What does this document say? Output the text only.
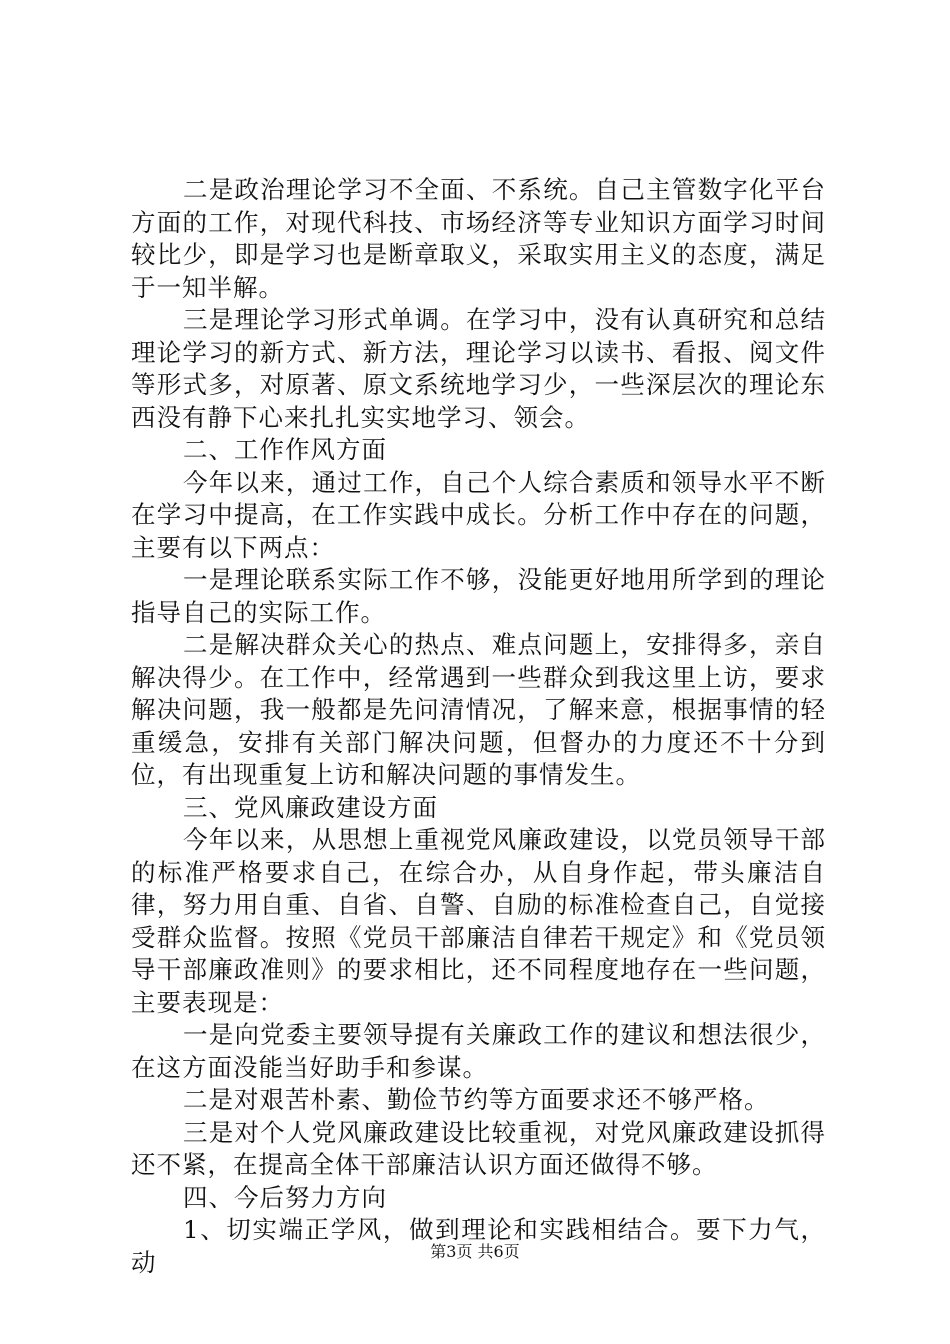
二是政治理论学习不全面、不系统。自己主管数字化平台方面的工作，对现代科技、市场经济等专业知识方面学习时间较比少，即是学习也是断章取义，采取实用主义的态度，满足于一知半解。

三是理论学习形式单调。在学习中，没有认真研究和总结理论学习的新方式、新方法，理论学习以读书、看报、阅文件等形式多，对原著、原文系统地学习少，一些深层次的理论东西没有静下心来扎扎实实地学习、领会。

二、工作作风方面

今年以来，通过工作，自己个人综合素质和领导水平不断在学习中提高，在工作实践中成长。分析工作中存在的问题，主要有以下两点：

一是理论联系实际工作不够，没能更好地用所学到的理论指导自己的实际工作。

二是解决群众关心的热点、难点问题上，安排得多，亲自解决得少。在工作中，经常遇到一些群众到我这里上访，要求解决问题，我一般都是先问清情况，了解来意，根据事情的轻重缓急，安排有关部门解决问题，但督办的力度还不十分到位，有出现重复上访和解决问题的事情发生。

三、党风廉政建设方面

今年以来，从思想上重视党风廉政建设，以党员领导干部的标准严格要求自己，在综合办，从自身作起，带头廉洁自律，努力用自重、自省、自警、自励的标准检查自己，自觉接受群众监督。按照《党员干部廉洁自律若干规定》和《党员领导干部廉政准则》的要求相比，还不同程度地存在一些问题，主要表现是：

一是向党委主要领导提有关廉政工作的建议和想法很少，在这方面没能当好助手和参谋。

二是对艰苦朴素、勤俭节约等方面要求还不够严格。

三是对个人党风廉政建设比较重视，对党风廉政建设抓得还不紧，在提高全体干部廉洁认识方面还做得不够。

四、今后努力方向

1、切实端正学风，做到理论和实践相结合。要下力气，动	第3页 共6页
